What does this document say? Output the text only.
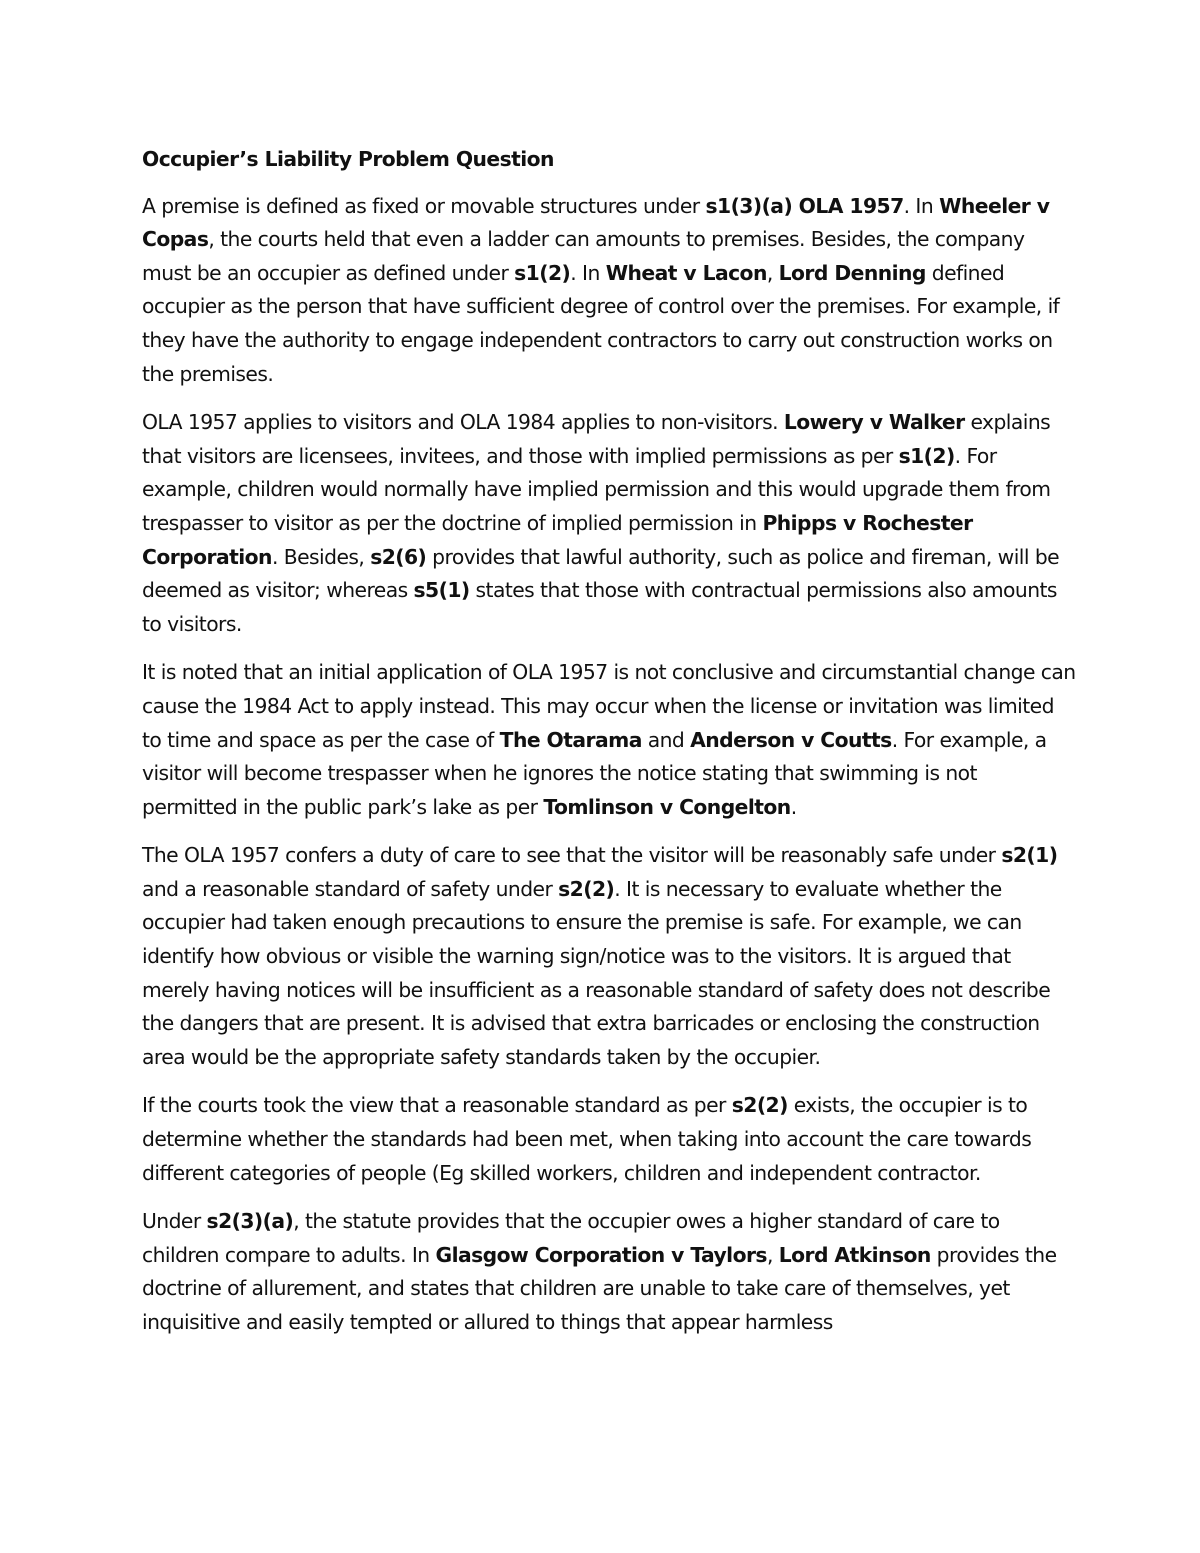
Occupier’s Liability Problem Question

A premise is defined as fixed or movable structures under s1(3)(a) OLA 1957. In Wheeler v Copas, the courts held that even a ladder can amounts to premises. Besides, the company must be an occupier as defined under s1(2). In Wheat v Lacon, Lord Denning defined occupier as the person that have sufficient degree of control over the premises. For example, if they have the authority to engage independent contractors to carry out construction works on the premises.

OLA 1957 applies to visitors and OLA 1984 applies to non-visitors. Lowery v Walker explains that visitors are licensees, invitees, and those with implied permissions as per s1(2). For example, children would normally have implied permission and this would upgrade them from trespasser to visitor as per the doctrine of implied permission in Phipps v Rochester Corporation. Besides, s2(6) provides that lawful authority, such as police and fireman, will be deemed as visitor; whereas s5(1) states that those with contractual permissions also amounts to visitors.

It is noted that an initial application of OLA 1957 is not conclusive and circumstantial change can cause the 1984 Act to apply instead. This may occur when the license or invitation was limited to time and space as per the case of The Otarama and Anderson v Coutts. For example, a visitor will become trespasser when he ignores the notice stating that swimming is not permitted in the public park’s lake as per Tomlinson v Congelton.

The OLA 1957 confers a duty of care to see that the visitor will be reasonably safe under s2(1) and a reasonable standard of safety under s2(2). It is necessary to evaluate whether the occupier had taken enough precautions to ensure the premise is safe. For example, we can identify how obvious or visible the warning sign/notice was to the visitors. It is argued that merely having notices will be insufficient as a reasonable standard of safety does not describe the dangers that are present. It is advised that extra barricades or enclosing the construction area would be the appropriate safety standards taken by the occupier.

If the courts took the view that a reasonable standard as per s2(2) exists, the occupier is to determine whether the standards had been met, when taking into account the care towards different categories of people (Eg skilled workers, children and independent contractor.

Under s2(3)(a), the statute provides that the occupier owes a higher standard of care to children compare to adults. In Glasgow Corporation v Taylors, Lord Atkinson provides the doctrine of allurement, and states that children are unable to take care of themselves, yet inquisitive and easily tempted or allured to things that appear harmless
